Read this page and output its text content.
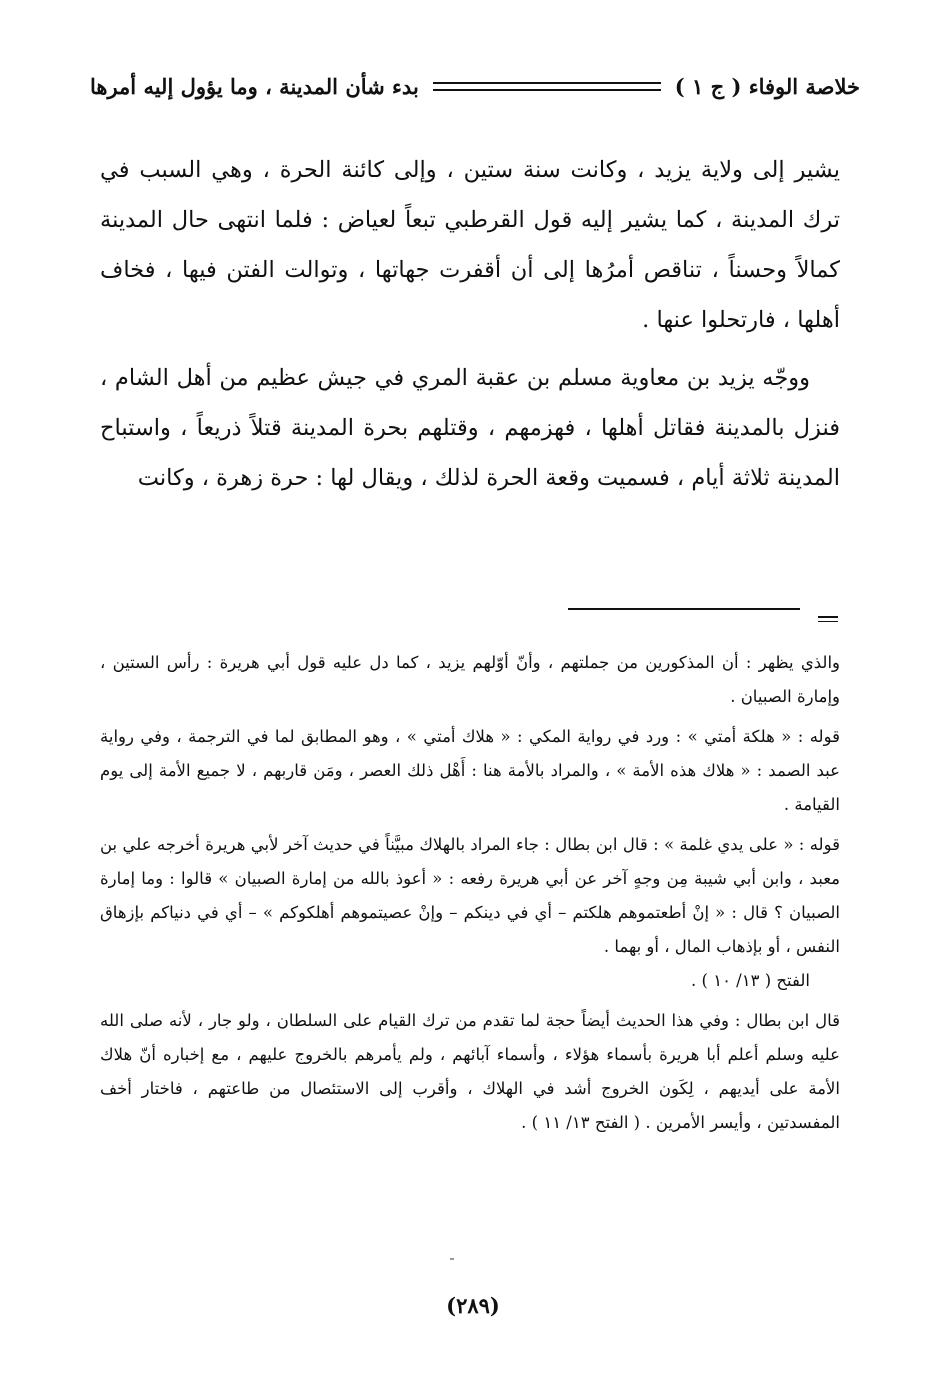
بدء شأن المدينة ، وما يؤول إليه أمرها	خلاصة الوفاء ( ج ١ )

يشير إلى ولاية يزيد ، وكانت سنة ستين ، وإلى كائنة الحرة ، وهي السبب في ترك المدينة ، كما يشير إليه قول القرطبي تبعاً لعياض : فلما انتهى حال المدينة كمالاً وحسناً ، تناقص أمرُها إلى أن أقفرت جهاتها ، وتوالت الفتن فيها ، فخاف أهلها ، فارتحلوا عنها .

ووجّه يزيد بن معاوية مسلم بن عقبة المري في جيش عظيم من أهل الشام ، فنزل بالمدينة فقاتل أهلها ، فهزمهم ، وقتلهم بحرة المدينة قتلاً ذريعاً ، واستباح المدينة ثلاثة أيام ، فسميت وقعة الحرة لذلك ، ويقال لها : حرة زهرة ، وكانت

والذي يظهر : أن المذكورين من جملتهم ، وأنّ أوّلهم يزيد ، كما دل عليه قول أبي هريرة : رأس الستين ، وإمارة الصبيان .

قوله : « هلكة أمتي » : ورد في رواية المكي : « هلاك أمتي » ، وهو المطابق لما في الترجمة ، وفي رواية عبد الصمد : « هلاك هذه الأمة » ، والمراد بالأمة هنا : أَهْل ذلك العصر ، ومَن قاربهم ، لا جميع الأمة إلى يوم القيامة .

قوله : « على يدي غلمة » : قال ابن بطال : جاء المراد بالهلاك مبيَّناً في حديث آخر لأبي هريرة أخرجه علي بن معبد ، وابن أبي شيبة مِن وجهٍ آخر عن أبي هريرة رفعه : « أعوذ بالله من إمارة الصبيان » قالوا : وما إمارة الصبيان ؟ قال : « إنْ أطعتموهم هلكتم – أي في دينكم – وإنْ عصيتموهم أهلكوكم » – أي في دنياكم بإزهاق النفس ، أو بإذهاب المال ، أو بهما .
الفتح ( ١٣/ ١٠ ) .

قال ابن بطال : وفي هذا الحديث أيضاً حجة لما تقدم من ترك القيام على السلطان ، ولو جار ، لأنه صلى الله عليه وسلم أعلم أبا هريرة بأسماء هؤلاء ، وأسماء آبائهم ، ولم يأمرهم بالخروج عليهم ، مع إخباره أنّ هلاك الأمة على أيديهم ، لِكَون الخروج أشد في الهلاك ، وأقرب إلى الاستئصال من طاعتهم ، فاختار أخف المفسدتين ، وأيسر الأمرين . ( الفتح ١٣/ ١١ ) .

(٢٨٩)
